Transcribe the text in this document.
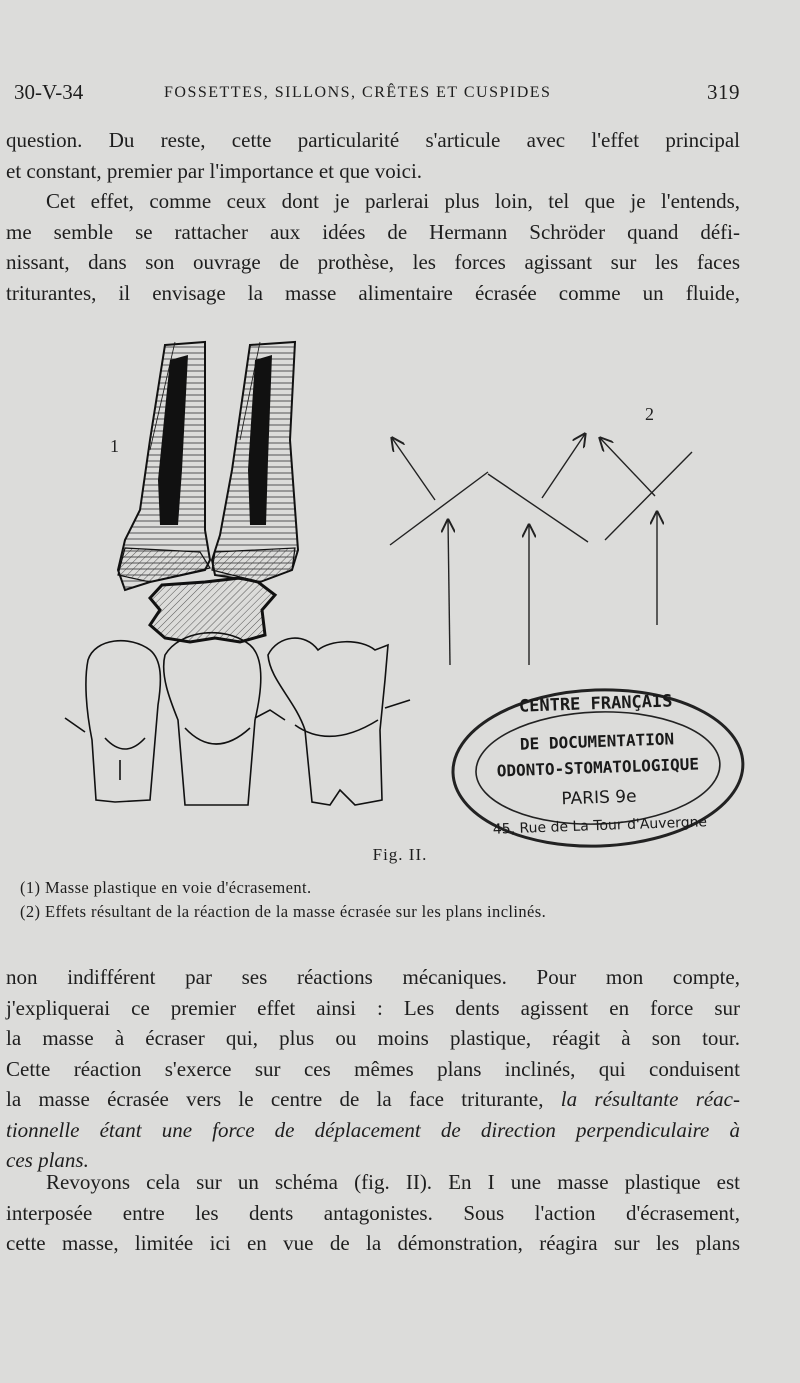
30-V-34	FOSSETTES, SILLONS, CRÊTES ET CUSPIDES	319
question. Du reste, cette particularité s'articule avec l'effet principal
et constant, premier par l'importance et que voici.
Cet effet, comme ceux dont je parlerai plus loin, tel que je l'entends,
me semble se rattacher aux idées de Hermann Schröder quand défi-
nissant, dans son ouvrage de prothèse, les forces agissant sur les faces
triturantes, il envisage la masse alimentaire écrasée comme un fluide,
1
2
CENTRE FRANÇAIS
DE DOCUMENTATION
ODONTO-STOMATOLOGIQUE
PARIS 9e
45, Rue de La Tour d'Auvergne
Fig. II.
(1) Masse plastique en voie d'écrasement.
(2) Effets résultant de la réaction de la masse écrasée sur les plans inclinés.
non indifférent par ses réactions mécaniques. Pour mon compte,
j'expliquerai ce premier effet ainsi : Les dents agissent en force sur
la masse à écraser qui, plus ou moins plastique, réagit à son tour.
Cette réaction s'exerce sur ces mêmes plans inclinés, qui conduisent
la masse écrasée vers le centre de la face triturante, la résultante réac-
tionnelle étant une force de déplacement de direction perpendiculaire à
ces plans.
Revoyons cela sur un schéma (fig. II). En I une masse plastique est
interposée entre les dents antagonistes. Sous l'action d'écrasement,
cette masse, limitée ici en vue de la démonstration, réagira sur les plans
